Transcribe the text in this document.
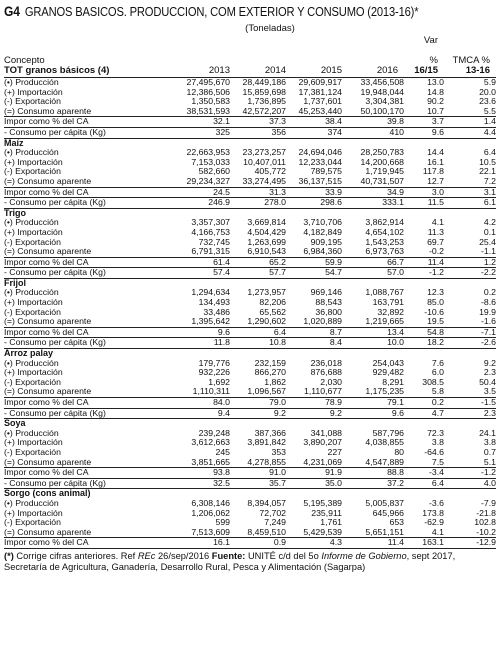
G4 GRANOS BASICOS. PRODUCCION, COM EXTERIOR Y CONSUMO (2013-16)*
(Toneladas)
Var
Concepto	%	TMCA %
TOT granos básicos (4)	2013	2014	2015	2016	16/15	13-16
(•) Producción	27,495,670	28,449,186	29,609,917	33,456,508	13.0	5.9
(+) Importación	12,386,506	15,859,698	17,381,124	19,948,044	14.8	20.0
(-) Exportación	1,350,583	1,736,895	1,737,601	3,304,381	90.2	23.6
(=) Consumo aparente	38,531,593	42,572,207	45,253,440	50,100,170	10.7	5.5
Impor como % del CA	32.1	37.3	38.4	39.8	3.7	1.4
- Consumo per cápita (Kg)	325	356	374	410	9.6	4.4
Maíz
(•) Producción	22,663,953	23,273,257	24,694,046	28,250,783	14.4	6.4
(+) Importación	7,153,033	10,407,011	12,233,044	14,200,668	16.1	10.5
(-) Exportación	582,660	405,772	789,575	1,719,945	117.8	22.1
(=) Consumo aparente	29,234,327	33,274,495	36,137,515	40,731,507	12.7	7.2
Impor como % del CA	24.5	31.3	33.9	34.9	3.0	3.1
- Consumo per cápita (Kg)	246.9	278.0	298.6	333.1	11.5	6.1
Trigo
(•) Producción	3,357,307	3,669,814	3,710,706	3,862,914	4.1	4.2
(+) Importación	4,166,753	4,504,429	4,182,849	4,654,102	11.3	0.1
(-) Exportación	732,745	1,263,699	909,195	1,543,253	69.7	25.4
(=) Consumo aparente	6,791,315	6,910,543	6,984,360	6,973,763	-0.2	-1.1
Impor como % del CA	61.4	65.2	59.9	66.7	11.4	1.2
- Consumo per cápita (Kg)	57.4	57.7	54.7	57.0	-1.2	-2.2
Frijol
(•) Producción	1,294,634	1,273,957	969,146	1,088,767	12.3	0.2
(+) Importación	134,493	82,206	88,543	163,791	85.0	-8.6
(-) Exportación	33,486	65,562	36,800	32,892	-10.6	19.9
(=) Consumo aparente	1,395,642	1,290,602	1,020,889	1,219,665	19.5	-1.6
Impor como % del CA	9.6	6.4	8.7	13.4	54.8	-7.1
- Consumo per cápita (Kg)	11.8	10.8	8.4	10.0	18.2	-2.6
Arroz palay
(•) Producción	179,776	232,159	236,018	254,043	7.6	9.2
(+) Importación	932,226	866,270	876,688	929,482	6.0	2.3
(-) Exportación	1,692	1,862	2,030	8,291	308.5	50.4
(=) Consumo aparente	1,110,311	1,096,567	1,110,677	1,175,235	5.8	3.5
Impor como % del CA	84.0	79.0	78.9	79.1	0.2	-1.5
- Consumo per cápita (Kg)	9.4	9.2	9.2	9.6	4.7	2.3
Soya
(•) Producción	239,248	387,366	341,088	587,796	72.3	24.1
(+) Importación	3,612,663	3,891,842	3,890,207	4,038,855	3.8	3.8
(-) Exportación	245	353	227	80	-64.6	0.7
(=) Consumo aparente	3,851,665	4,278,855	4,231,069	4,547,889	7.5	5.1
Impor como % del CA	93.8	91.0	91.9	88.8	-3.4	-1.2
- Consumo per cápita (Kg)	32.5	35.7	35.0	37.2	6.4	4.0
Sorgo (cons animal)
(•) Producción	6,308,146	8,394,057	5,195,389	5,005,837	-3.6	-7.9
(+) Importación	1,206,062	72,702	235,911	645,966	173.8	-21.8
(-) Exportación	599	7,249	1,761	653	-62.9	102.8
(=) Consumo aparente	7,513,609	8,459,510	5,429,539	5,651,151	4.1	-10.2
Impor como % del CA	16.1	0.9	4.3	11.4	163.1	-12.9
(*) Corrige cifras anteriores. Ref REc 26/sep/2016 Fuente: UNITÉ c/d del 5o Informe de Gobierno, sept 2017,
Secretaría de Agricultura, Ganadería, Desarrollo Rural, Pesca y Alimentación (Sagarpa)
